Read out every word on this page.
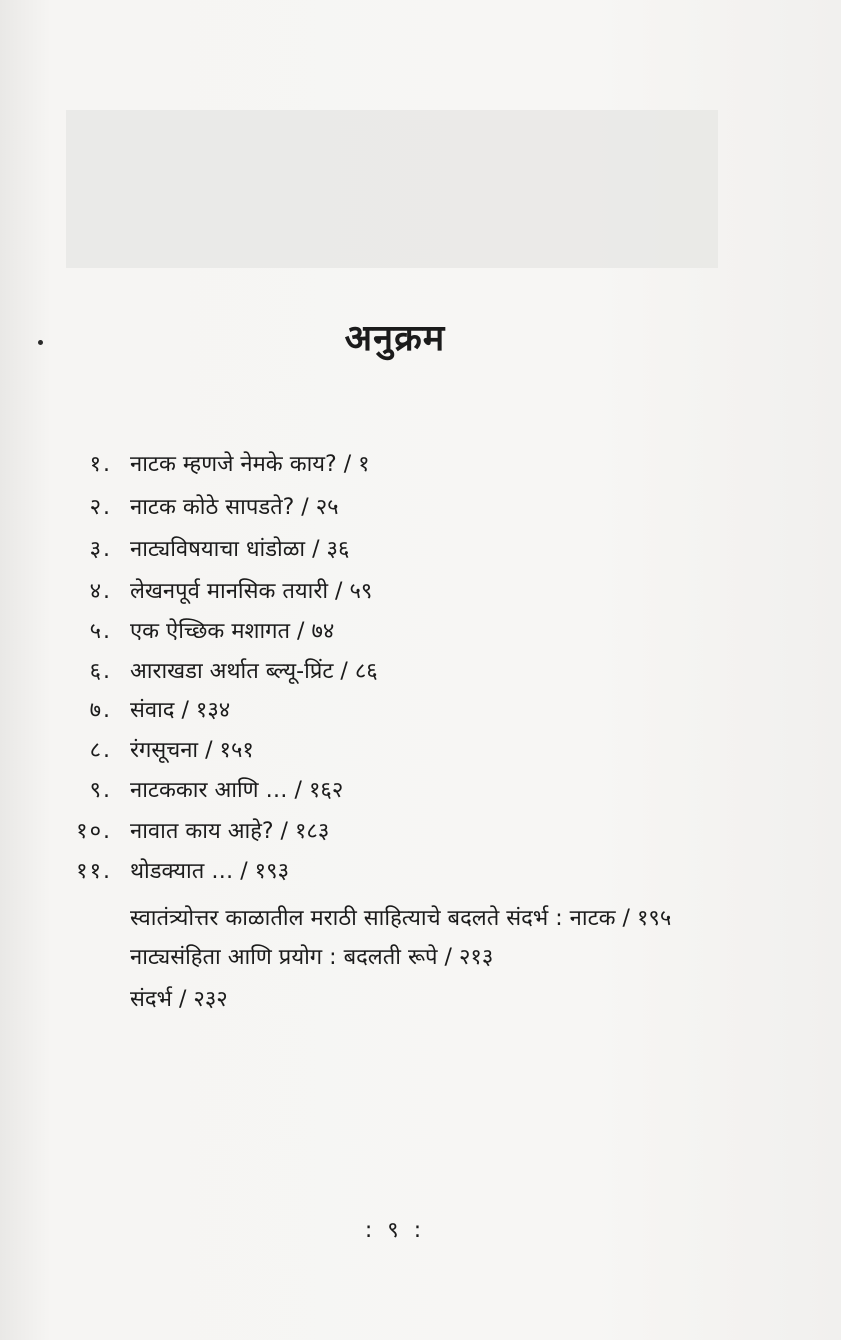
अनुक्रम
१. नाटक म्हणजे नेमके काय? / १
२. नाटक कोठे सापडते? / २५
३. नाट्यविषयाचा धांडोळा / ३६
४. लेखनपूर्व मानसिक तयारी / ५९
५. एक ऐच्छिक मशागत / ७४
६. आराखडा अर्थात ब्ल्यू-प्रिंट / ८६
७. संवाद / १३४
८. रंगसूचना / १५१
९. नाटककार आणि … / १६२
१०. नावात काय आहे? / १८३
११. थोडक्यात … / १९३
स्वातंत्र्योत्तर काळातील मराठी साहित्याचे बदलते संदर्भ : नाटक / १९५
नाट्यसंहिता आणि प्रयोग : बदलती रूपे / २१३
संदर्भ / २३२
: ९ :
